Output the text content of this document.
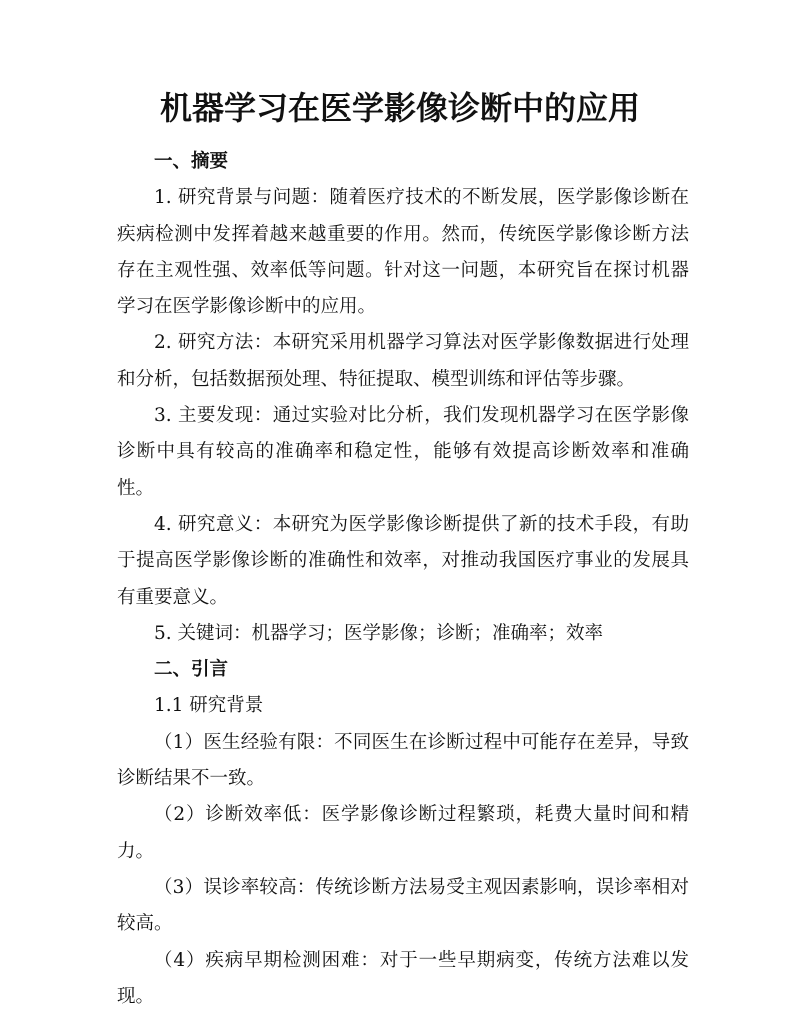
机器学习在医学影像诊断中的应用

一、摘要

1. 研究背景与问题：随着医疗技术的不断发展，医学影像诊断在疾病检测中发挥着越来越重要的作用。然而，传统医学影像诊断方法存在主观性强、效率低等问题。针对这一问题，本研究旨在探讨机器学习在医学影像诊断中的应用。

2. 研究方法：本研究采用机器学习算法对医学影像数据进行处理和分析，包括数据预处理、特征提取、模型训练和评估等步骤。

3. 主要发现：通过实验对比分析，我们发现机器学习在医学影像诊断中具有较高的准确率和稳定性，能够有效提高诊断效率和准确性。

4. 研究意义：本研究为医学影像诊断提供了新的技术手段，有助于提高医学影像诊断的准确性和效率，对推动我国医疗事业的发展具有重要意义。

5. 关键词：机器学习；医学影像；诊断；准确率；效率

二、引言

1.1 研究背景

（1）医生经验有限：不同医生在诊断过程中可能存在差异，导致诊断结果不一致。

（2）诊断效率低：医学影像诊断过程繁琐，耗费大量时间和精力。

（3）误诊率较高：传统诊断方法易受主观因素影响，误诊率相对较高。

（4）疾病早期检测困难：对于一些早期病变，传统方法难以发现。
